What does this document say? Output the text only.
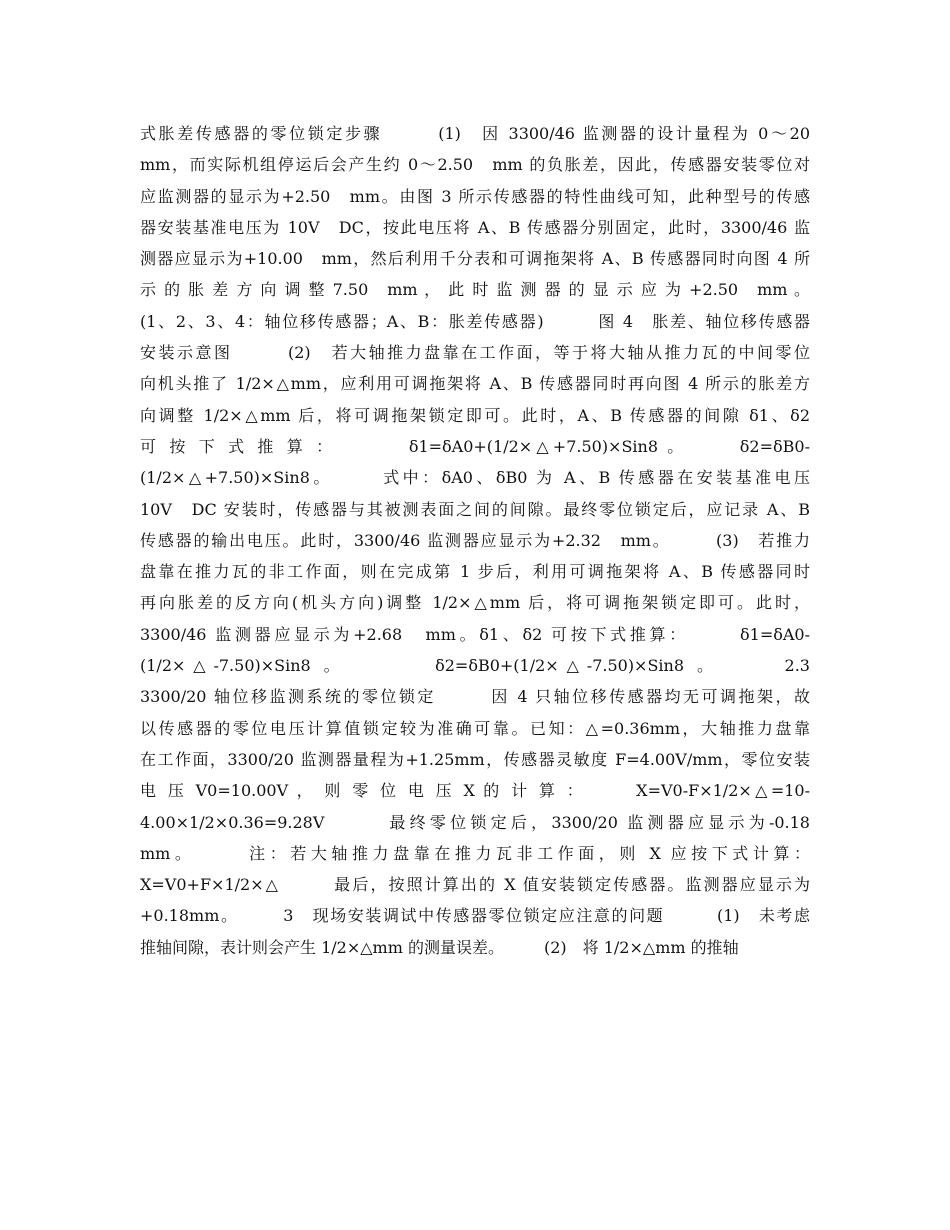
式胀差传感器的零位锁定步骤　　　(1)　因 3300/46 监测器的设计量程为 0～20
mm，而实际机组停运后会产生约 0～2.50　mm 的负胀差，因此，传感器安装零位对
应监测器的显示为+2.50　mm。由图 3 所示传感器的特性曲线可知，此种型号的传感
器安装基准电压为 10V　DC，按此电压将 A、B 传感器分别固定，此时，3300/46 监
测器应显示为+10.00　mm，然后利用千分表和可调拖架将 A、B 传感器同时向图 4 所
示 的 胀 差 方 向 调 整 7.50　mm ， 此 时 监 测 器 的 显 示 应 为 +2.50　mm 。
(1、2、3、4：轴位移传感器；A、B：胀差传感器)　　　图 4　胀差、轴位移传感器
安装示意图　　　(2)　若大轴推力盘靠在工作面，等于将大轴从推力瓦的中间零位
向机头推了 1/2×△mm，应利用可调拖架将 A、B 传感器同时再向图 4 所示的胀差方
向调整 1/2×△mm 后，将可调拖架锁定即可。此时，A、B 传感器的间隙 δ1、δ2
可 按 下 式 推 算 ：　　　　δ1=δA0+(1/2×△+7.50)×Sin8 。　　　δ2=δB0-
(1/2×△+7.50)×Sin8。　　　式中：δA0、δB0 为 A、B 传感器在安装基准电压
10V　DC 安装时，传感器与其被测表面之间的间隙。最终零位锁定后，应记录 A、B
传感器的输出电压。此时，3300/46 监测器应显示为+2.32　mm。　　　(3)　若推力
盘靠在推力瓦的非工作面，则在完成第 1 步后，利用可调拖架将 A、B 传感器同时
再向胀差的反方向(机头方向)调整 1/2×△mm 后，将可调拖架锁定即可。此时，
3300/46 监测器应显示为+2.68　mm。δ1、δ2 可按下式推算：　　　δ1=δA0-
(1/2×△-7.50)×Sin8 。　　　　δ2=δB0+(1/2×△-7.50)×Sin8 。　　　2.3
3300/20 轴位移监测系统的零位锁定　　　因 4 只轴位移传感器均无可调拖架，故
以传感器的零位电压计算值锁定较为准确可靠。已知：△=0.36mm，大轴推力盘靠
在工作面，3300/20 监测器量程为+1.25mm，传感器灵敏度 F=4.00V/mm，零位安装
电 压 V0=10.00V ， 则 零 位 电 压 X 的 计 算 ：　　　X=V0-F×1/2×△=10-
4.00×1/2×0.36=9.28V　　　最终零位锁定后，3300/20 监测器应显示为-0.18
mm。　　　注：若大轴推力盘靠在推力瓦非工作面，则 X 应按下式计算：
X=V0+F×1/2×△　　　最后，按照计算出的 X 值安装锁定传感器。监测器应显示为
+0.18mm。　　　3　现场安装调试中传感器零位锁定应注意的问题　　　(1)　未考虑
推轴间隙，表计则会产生 1/2×△mm 的测量误差。　　　(2)　将 1/2×△mm 的推轴
